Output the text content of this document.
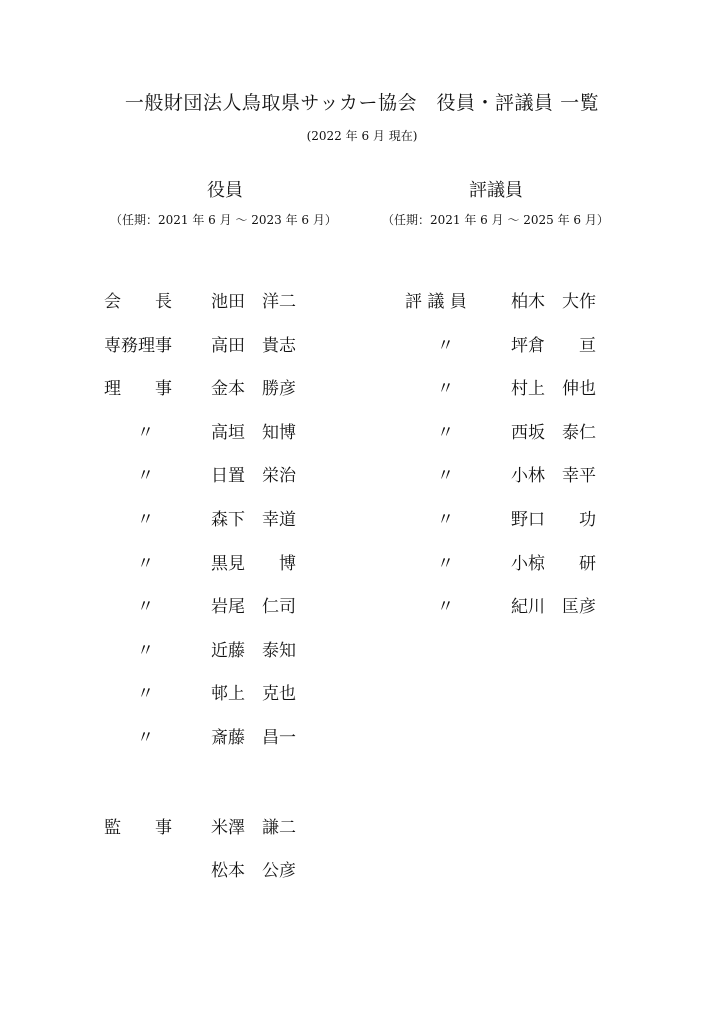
一般財団法人鳥取県サッカー協会　役員・評議員 一覧
(2022 年 6 月 現在)
役員
（任期：2021 年 6 月 ～ 2023 年 6 月）
評議員
（任期：2021 年 6 月 ～ 2025 年 6 月）
会　　長 池田　洋二
専務理事 高田　貴志
理　　事 金本　勝彦
〃	高垣　知博
〃	日置　栄治
〃	森下　幸道
〃	黒見　　博
〃	岩尾　仁司
〃	近藤　泰知
〃	邨上　克也
〃	斎藤　昌一
監　　事 米澤　謙二
松本　公彦
評 議 員	柏木　大作
〃	坪倉　　亘
〃	村上　伸也
〃	西坂　泰仁
〃	小林　幸平
〃	野口　　功
〃	小椋　　研
〃	紀川　匡彦
